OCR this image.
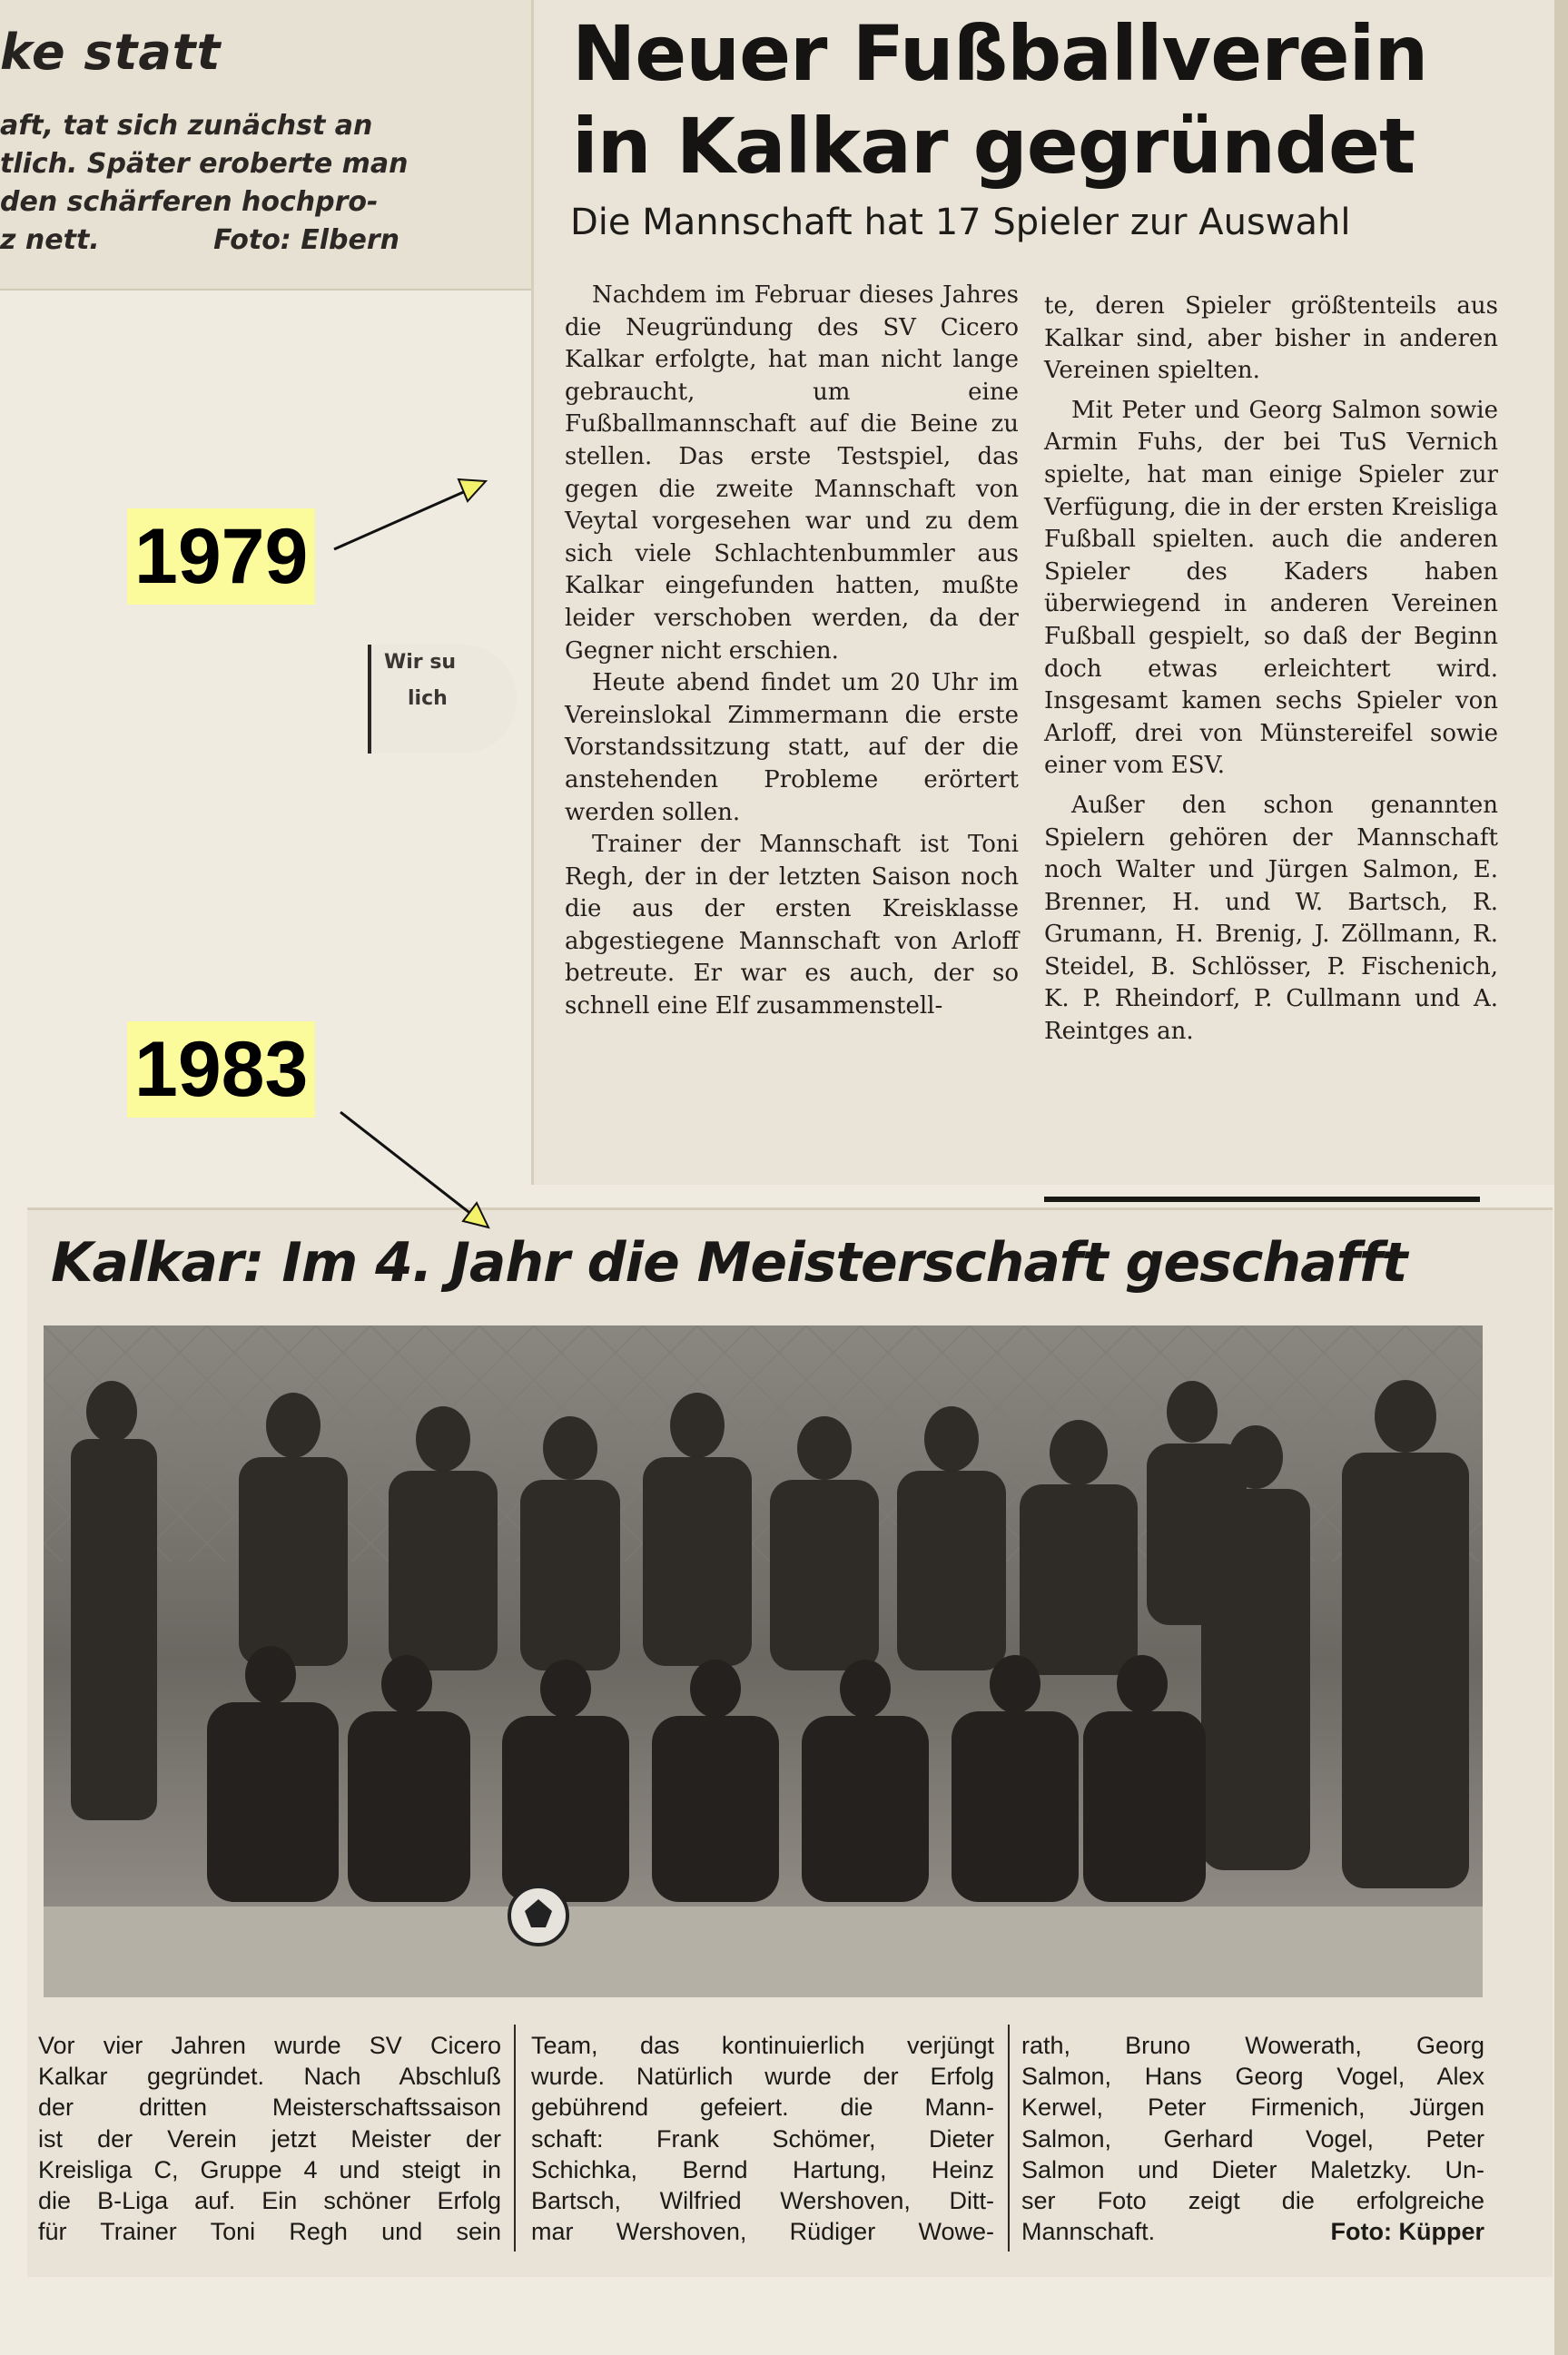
ke statt
aft, tat sich zunächst an
tlich. Später eroberte man
den schärferen hochpro-
z nett.	Foto: Elbern
Wir su
lich
Neuer Fußballverein
in Kalkar gegründet
Die Mannschaft hat 17 Spieler zur Auswahl

Nachdem im Februar dieses Jahres die Neugründung des SV Cicero Kalkar erfolgte, hat man nicht lange gebraucht, um eine Fußballmannschaft auf die Beine zu stellen. Das erste Testspiel, das gegen die zweite Mannschaft von Veytal vorgesehen war und zu dem sich viele Schlachtenbummler aus Kalkar eingefunden hatten, mußte leider verschoben werden, da der Gegner nicht erschien.

Heute abend findet um 20 Uhr im Vereinslokal Zimmermann die erste Vorstandssitzung statt, auf der die anstehenden Probleme erörtert werden sollen.

Trainer der Mannschaft ist Toni Regh, der in der letzten Saison noch die aus der ersten Kreisklasse abgestiegene Mannschaft von Arloff betreute. Er war es auch, der so schnell eine Elf zusammenstell-

te, deren Spieler größtenteils aus Kalkar sind, aber bisher in anderen Vereinen spielten.

Mit Peter und Georg Salmon sowie Armin Fuhs, der bei TuS Vernich spielte, hat man einige Spieler zur Verfügung, die in der ersten Kreisliga Fußball spielten. auch die anderen Spieler des Kaders haben überwiegend in anderen Vereinen Fußball gespielt, so daß der Beginn doch etwas erleichtert wird. Insgesamt kamen sechs Spieler von Arloff, drei von Münstereifel sowie einer vom ESV.

Außer den schon genannten Spielern gehören der Mannschaft noch Walter und Jürgen Salmon, E. Brenner, H. und W. Bartsch, R. Grumann, H. Brenig, J. Zöllmann, R. Steidel, B. Schlösser, P. Fischenich, K. P. Rheindorf, P. Cullmann und A. Reintges an.

1979
1983
Kalkar: Im 4. Jahr die Meisterschaft geschafft
Vor vier Jahren wurde SV Cicero
Kalkar gegründet. Nach Abschluß
der dritten Meisterschaftssaison
ist der Verein jetzt Meister der
Kreisliga C, Gruppe 4 und steigt in
die B-Liga auf. Ein schöner Erfolg
für Trainer Toni Regh und sein
Team, das kontinuierlich verjüngt
wurde. Natürlich wurde der Erfolg
gebührend gefeiert. die Mann-
schaft: Frank Schömer, Dieter
Schichka, Bernd Hartung, Heinz
Bartsch, Wilfried Wershoven, Ditt-
mar Wershoven, Rüdiger Wowe-
rath, Bruno Wowerath, Georg
Salmon, Hans Georg Vogel, Alex
Kerwel, Peter Firmenich, Jürgen
Salmon, Gerhard Vogel, Peter
Salmon und Dieter Maletzky. Un-
ser Foto zeigt die erfolgreiche
Mannschaft.	Foto: Küpper
